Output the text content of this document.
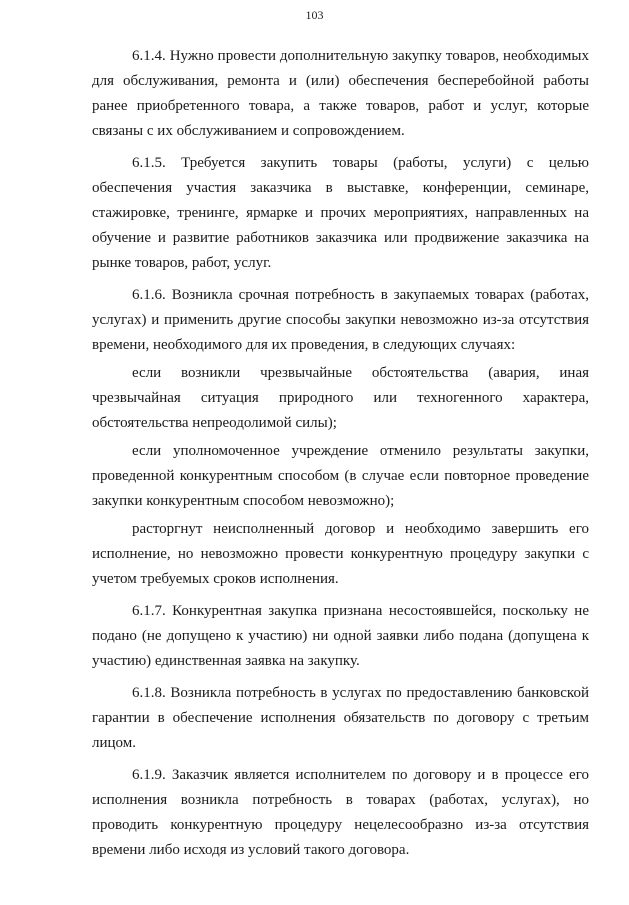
103

6.1.4. Нужно провести дополнительную закупку товаров, необходимых для обслуживания, ремонта и (или) обеспечения бесперебойной работы ранее приобретенного товара, а также товаров, работ и услуг, которые связаны с их обслуживанием и сопровождением.

6.1.5. Требуется закупить товары (работы, услуги) с целью обеспечения участия заказчика в выставке, конференции, семинаре, стажировке, тренинге, ярмарке и прочих мероприятиях, направленных на обучение и развитие работников заказчика или продвижение заказчика на рынке товаров, работ, услуг.

6.1.6. Возникла срочная потребность в закупаемых товарах (работах, услугах) и применить другие способы закупки невозможно из-за отсутствия времени, необходимого для их проведения, в следующих случаях:

если возникли чрезвычайные обстоятельства (авария, иная чрезвычайная ситуация природного или техногенного характера, обстоятельства непреодолимой силы);

если уполномоченное учреждение отменило результаты закупки, проведенной конкурентным способом (в случае если повторное проведение закупки конкурентным способом невозможно);

расторгнут неисполненный договор и необходимо завершить его исполнение, но невозможно провести конкурентную процедуру закупки с учетом требуемых сроков исполнения.

6.1.7. Конкурентная закупка признана несостоявшейся, поскольку не подано (не допущено к участию) ни одной заявки либо подана (допущена к участию) единственная заявка на закупку.

6.1.8. Возникла потребность в услугах по предоставлению банковской гарантии в обеспечение исполнения обязательств по договору с третьим лицом.

6.1.9. Заказчик является исполнителем по договору и в процессе его исполнения возникла потребность в товарах (работах, услугах), но проводить конкурентную процедуру нецелесообразно из-за отсутствия времени либо исходя из условий такого договора.
